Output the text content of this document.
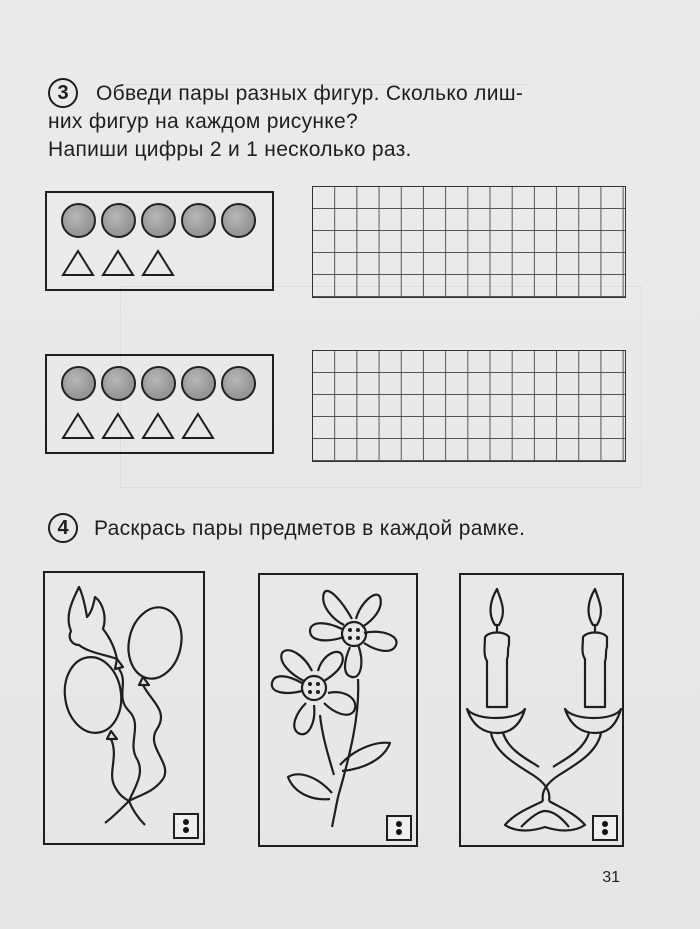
3	Обведи пары разных фигур. Сколько лиш-
них фигур на каждом рисунке?
Напиши цифры 2 и 1 несколько раз.
4	Раскрась пары предметов в каждой рамке.
31
